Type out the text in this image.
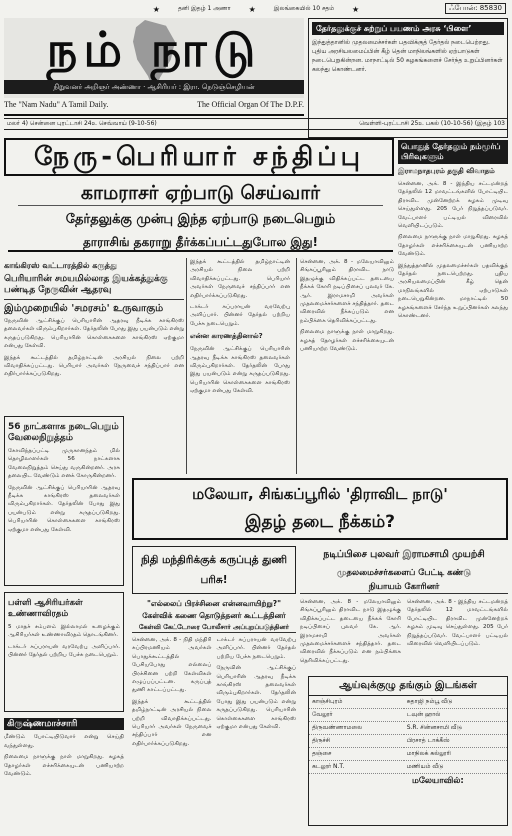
★	தனி இதழ் 1 அணா ★	இலங்கையில் 10 சதம் ★	ஃபோன்: 85830
நம் நாடு
நிறுவனர் அறிஞர் அண்ணா · ஆசிரியர் : இரா. நெடுஞ்செழியன்
The "Nam Nadu" A Tamil Daily.	The Official Organ Of The D.P.F.
தேர்தலுக்குச் சுற்றுப் பயணம் அரசு ‘பிளை’
இந்துத்தானில் முதலமைச்சர்கள் பதவிக்குத் தேர்தல் நடைபெற்றது. புதிய அரசியலமைப்பின் கீழ் தென் மாநிலங்களில் ஏற்பாடுகள் நடைபெறுகின்றன. மாநாட்டில் 50 கழகங்களைச் சேர்ந்த உறுப்பினர்கள் கலந்து கொண்டனர்.
மலர் 4) சென்னை புரட்டாசி 24உ செவ்வாய் (9-10-56)	வெள்ளி-புரட்டாசி 25உ பகல் (10-10-56) (இதழ் 103
நேரு-பெரியார் சந்திப்பு
காமராசர் ஏற்பாடு செய்வார்
தேர்தலுக்கு முன்பு இந்த ஏற்பாடு நடைபெறும்
தாராசிங் தகராறு தீர்க்கப்பட்டதுபோல இது!
காங்கிரஸ் வட்டாரத்தில் கருத்து
பெரியாரின் சமயமில்லாத இயக்கத்துக்கு பண்டித நேருவின் ஆதரவு
இம்முறையில் 'சமரசம்' உருவாகும்

நேருவின் ஆட்சிக்குப் பெரியாரின் ஆதரவு நீடிக்க காங்கிரஸ் தலைவர்கள் விரும்புகிறார்கள். தேர்தலின் போது இது பயன்படும் என்று கருதப்படுகிறது. பெரியாரின் கொள்கைகளை காங்கிரஸ் ஏற்குமா என்பது கேள்வி.

இந்தக் கூட்டத்தில் தமிழ்நாட்டின் அரசியல் நிலை பற்றி விவாதிக்கப்பட்டது. பெரியார் அவர்கள் நேருவைச் சந்திப்பார் என எதிர்பார்க்கப்படுகிறது.

56 நாட்களாக நடைபெறும் வேலைநிறுத்தம்

கோவிந்தப்பட்டி முருகானந்தம் மில் தொழிலாளர்கள் 56 நாட்களாக வேலைநிறுத்தம் செய்து வருகின்றனர். அரசு தலையிட வேண்டும் எனக் கோருகின்றனர்.

நேருவின் ஆட்சிக்குப் பெரியாரின் ஆதரவு நீடிக்க காங்கிரஸ் தலைவர்கள் விரும்புகிறார்கள். தேர்தலின் போது இது பயன்படும் என்று கருதப்படுகிறது. பெரியாரின் கொள்கைகளை காங்கிரஸ் ஏற்குமா என்பது கேள்வி.

பள்ளி ஆசிரியர்கள் உண்ணாவிரதம்

5 மாதச் சம்பளம் இல்லாமல் உழைக்கும் ஆசிரியர்கள் உண்ணாவிரதம் தொடங்கினர்.

டாக்டர் சுப்பராயன் வரவேற்பு அளிப்பார். பின்னர் தேர்தல் பற்றிய பேச்சு நடைபெறும்.

கிருஷ்ணமாச்சாரி

மீண்டும் போட்டியிடுவார் என்று செய்தி வந்துள்ளது.

நிலைமை நாளுக்கு நாள் மாறுகிறது. கழகத் தோழர்கள் எச்சரிக்கையுடன் பணியாற்ற வேண்டும்.

இந்தக் கூட்டத்தில் தமிழ்நாட்டின் அரசியல் நிலை பற்றி விவாதிக்கப்பட்டது. பெரியார் அவர்கள் நேருவைச் சந்திப்பார் என எதிர்பார்க்கப்படுகிறது.

டாக்டர் சுப்பராயன் வரவேற்பு அளிப்பார். பின்னர் தேர்தல் பற்றிய பேச்சு நடைபெறும்.

என்ன காரணத்தினால்?

நேருவின் ஆட்சிக்குப் பெரியாரின் ஆதரவு நீடிக்க காங்கிரஸ் தலைவர்கள் விரும்புகிறார்கள். தேர்தலின் போது இது பயன்படும் என்று கருதப்படுகிறது. பெரியாரின் கொள்கைகளை காங்கிரஸ் ஏற்குமா என்பது கேள்வி.

பொதுத் தேர்தலும் நம்மூர்ப் பிரிவுகளும்
இராமநாதபுரம் தகுதி விவாதம்

சென்னை, அக். 8 - இந்திய சட்டமன்றத் தேர்தலில் 12 மாவட்டங்களில் போட்டியிட திராவிட முன்னேற்றக் கழகம் முடிவு செய்துள்ளது. 205 பேர் நிறுத்தப்படுவர். வேட்பாளர் பட்டியல் விரைவில் வெளியிடப்படும்.

நிலைமை நாளுக்கு நாள் மாறுகிறது. கழகத் தோழர்கள் எச்சரிக்கையுடன் பணியாற்ற வேண்டும்.

இந்துத்தானில் முதலமைச்சர்கள் பதவிக்குத் தேர்தல் நடைபெற்றது. புதிய அரசியலமைப்பின் கீழ் தென் மாநிலங்களில் ஏற்பாடுகள் நடைபெறுகின்றன. மாநாட்டில் 50 கழகங்களைச் சேர்ந்த உறுப்பினர்கள் கலந்து கொண்டனர்.

சென்னை, அக். 8 - மலேயாவிலும் சிங்கப்பூரிலும் திராவிட நாடு இதழுக்கு விதிக்கப்பட்ட தடையை நீக்கக் கோரி நடிப்பிசைப் புலவர் கே. ஆர். இராமசாமி அவர்கள் முதலமைச்சர்களைச் சந்தித்தார். தடை விரைவில் நீக்கப்படும் என நம்பிக்கை தெரிவிக்கப்பட்டது.

நிலைமை நாளுக்கு நாள் மாறுகிறது. கழகத் தோழர்கள் எச்சரிக்கையுடன் பணியாற்ற வேண்டும்.

மலேயா, சிங்கப்பூரில் 'திராவிட நாடு'
இதழ் தடை நீக்கம்?
நடிப்பிசை புலவர் இராமசாமி முயற்சி
முதலமைச்சர்களைப் பேட்டி கண்டு
நியாயம் கோரினர்

சென்னை, அக். 8 - மலேயாவிலும் சிங்கப்பூரிலும் திராவிட நாடு இதழுக்கு விதிக்கப்பட்ட தடையை நீக்கக் கோரி நடிப்பிசைப் புலவர் கே. ஆர். இராமசாமி அவர்கள் முதலமைச்சர்களைச் சந்தித்தார். தடை விரைவில் நீக்கப்படும் என நம்பிக்கை தெரிவிக்கப்பட்டது.

சென்னை, அக். 8 - இந்திய சட்டமன்றத் தேர்தலில் 12 மாவட்டங்களில் போட்டியிட திராவிட முன்னேற்றக் கழகம் முடிவு செய்துள்ளது. 205 பேர் நிறுத்தப்படுவர். வேட்பாளர் பட்டியல் விரைவில் வெளியிடப்படும்.

நிதி மந்திரிக்குக் கருப்புத் துணி பரிசு!
"எல்லைப் பிரச்சினை என்னவாயிற்று?"
கேள்விக் கணை தொடுத்தனர் கூட்டத்தினர்
கேள்வி கேட்டோரை போலீசார் அப்புறப்படுத்தினர்

சென்னை, அக். 8 - நிதி மந்திரி சுப்பிரமணியம் அவர்கள் பொதுக்கூட்டத்தில் பேசியபோது எல்லைப் பிரச்சினை பற்றி கேள்விகள் எழுப்பப்பட்டன. கருப்புத் துணி காட்டப்பட்டது.

இந்தக் கூட்டத்தில் தமிழ்நாட்டின் அரசியல் நிலை பற்றி விவாதிக்கப்பட்டது. பெரியார் அவர்கள் நேருவைச் சந்திப்பார் என எதிர்பார்க்கப்படுகிறது.

டாக்டர் சுப்பராயன் வரவேற்பு அளிப்பார். பின்னர் தேர்தல் பற்றிய பேச்சு நடைபெறும்.

நேருவின் ஆட்சிக்குப் பெரியாரின் ஆதரவு நீடிக்க காங்கிரஸ் தலைவர்கள் விரும்புகிறார்கள். தேர்தலின் போது இது பயன்படும் என்று கருதப்படுகிறது. பெரியாரின் கொள்கைகளை காங்கிரஸ் ஏற்குமா என்பது கேள்வி.

ஆய்வுக்குழு தங்கும் இடங்கள்
காஞ்சிபுரம்	சுதாஜி நம்பூ வீடு
வேலூர்	டவுன் ஹால்
திருவண்ணாமலை	S.R. சின்னசாமி வீடு
திருச்சி	பிரசாத் டாக்கீஸ்
தஞ்சை	மாநிலக் கல்லூரி
கடலூர் N.T.	மணியம் வீடு
மலேயாவில்:
